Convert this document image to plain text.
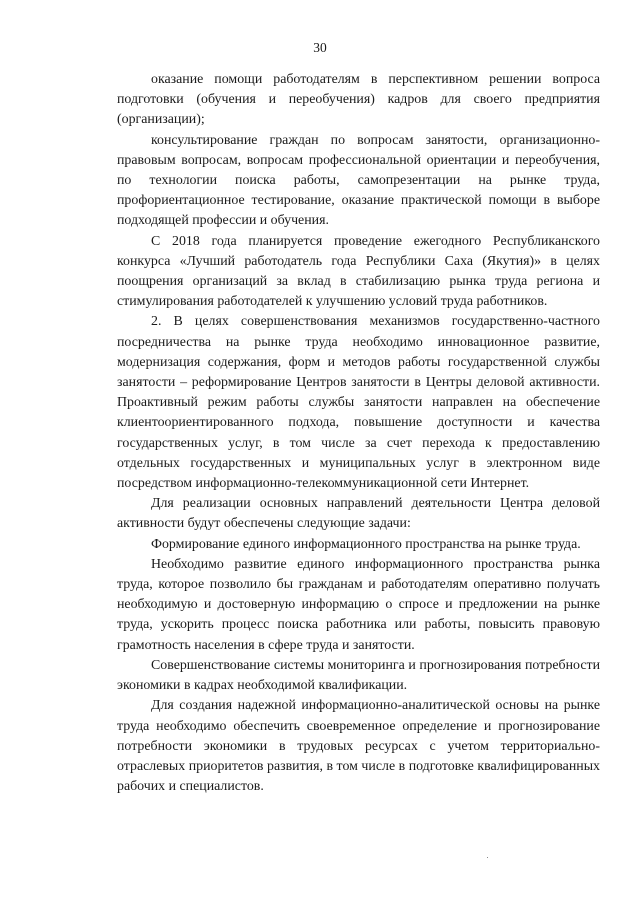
30

оказание помощи работодателям в перспективном решении вопроса подготовки (обучения и переобучения) кадров для своего предприятия (организации);

консультирование граждан по вопросам занятости, организационно-правовым вопросам, вопросам профессиональной ориентации и переобучения, по технологии поиска работы, самопрезентации на рынке труда, профориентационное тестирование, оказание практической помощи в выборе подходящей профессии и обучения.

С 2018 года планируется проведение ежегодного Республиканского конкурса «Лучший работодатель года Республики Саха (Якутия)» в целях поощрения организаций за вклад в стабилизацию рынка труда региона и стимулирования работодателей к улучшению условий труда работников.

2. В целях совершенствования механизмов государственно-частного посредничества на рынке труда необходимо инновационное развитие, модернизация содержания, форм и методов работы государственной службы занятости – реформирование Центров занятости в Центры деловой активности. Проактивный режим работы службы занятости направлен на обеспечение клиентоориентированного подхода, повышение доступности и качества государственных услуг, в том числе за счет перехода к предоставлению отдельных государственных и муниципальных услуг в электронном виде посредством информационно-телекоммуникационной сети Интернет.

Для реализации основных направлений деятельности Центра деловой активности будут обеспечены следующие задачи:

Формирование единого информационного пространства на рынке труда.

Необходимо развитие единого информационного пространства рынка труда, которое позволило бы гражданам и работодателям оперативно получать необходимую и достоверную информацию о спросе и предложении на рынке труда, ускорить процесс поиска работника или работы, повысить правовую грамотность населения в сфере труда и занятости.

Совершенствование системы мониторинга и прогнозирования потребности экономики в кадрах необходимой квалификации.

Для создания надежной информационно-аналитической основы на рынке труда необходимо обеспечить своевременное определение и прогнозирование потребности экономики в трудовых ресурсах с учетом территориально-отраслевых приоритетов развития, в том числе в подготовке квалифицированных рабочих и специалистов.
